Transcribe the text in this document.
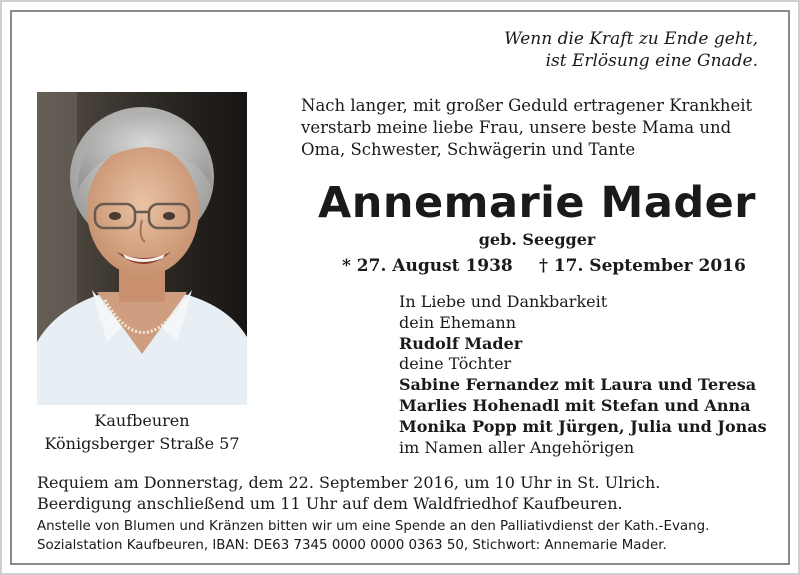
Wenn die Kraft zu Ende geht,
ist Erlösung eine Gnade.
Kaufbeuren
Königsberger Straße 57
Nach langer, mit großer Geduld ertragener Krankheit
verstarb meine liebe Frau, unsere beste Mama und
Oma, Schwester, Schwägerin und Tante
Annemarie Mader
geb. Seegger
* 27. August 1938 † 17. September 2016
In Liebe und Dankbarkeit
dein Ehemann
Rudolf Mader
deine Töchter
Sabine Fernandez mit Laura und Teresa
Marlies Hohenadl mit Stefan und Anna
Monika Popp mit Jürgen, Julia und Jonas
im Namen aller Angehörigen
Requiem am Donnerstag, dem 22. September 2016, um 10 Uhr in St. Ulrich.
Beerdigung anschließend um 11 Uhr auf dem Waldfriedhof Kaufbeuren.
Anstelle von Blumen und Kränzen bitten wir um eine Spende an den Palliativdienst der Kath.-Evang.
Sozialstation Kaufbeuren, IBAN: DE63 7345 0000 0000 0363 50, Stichwort: Annemarie Mader.
